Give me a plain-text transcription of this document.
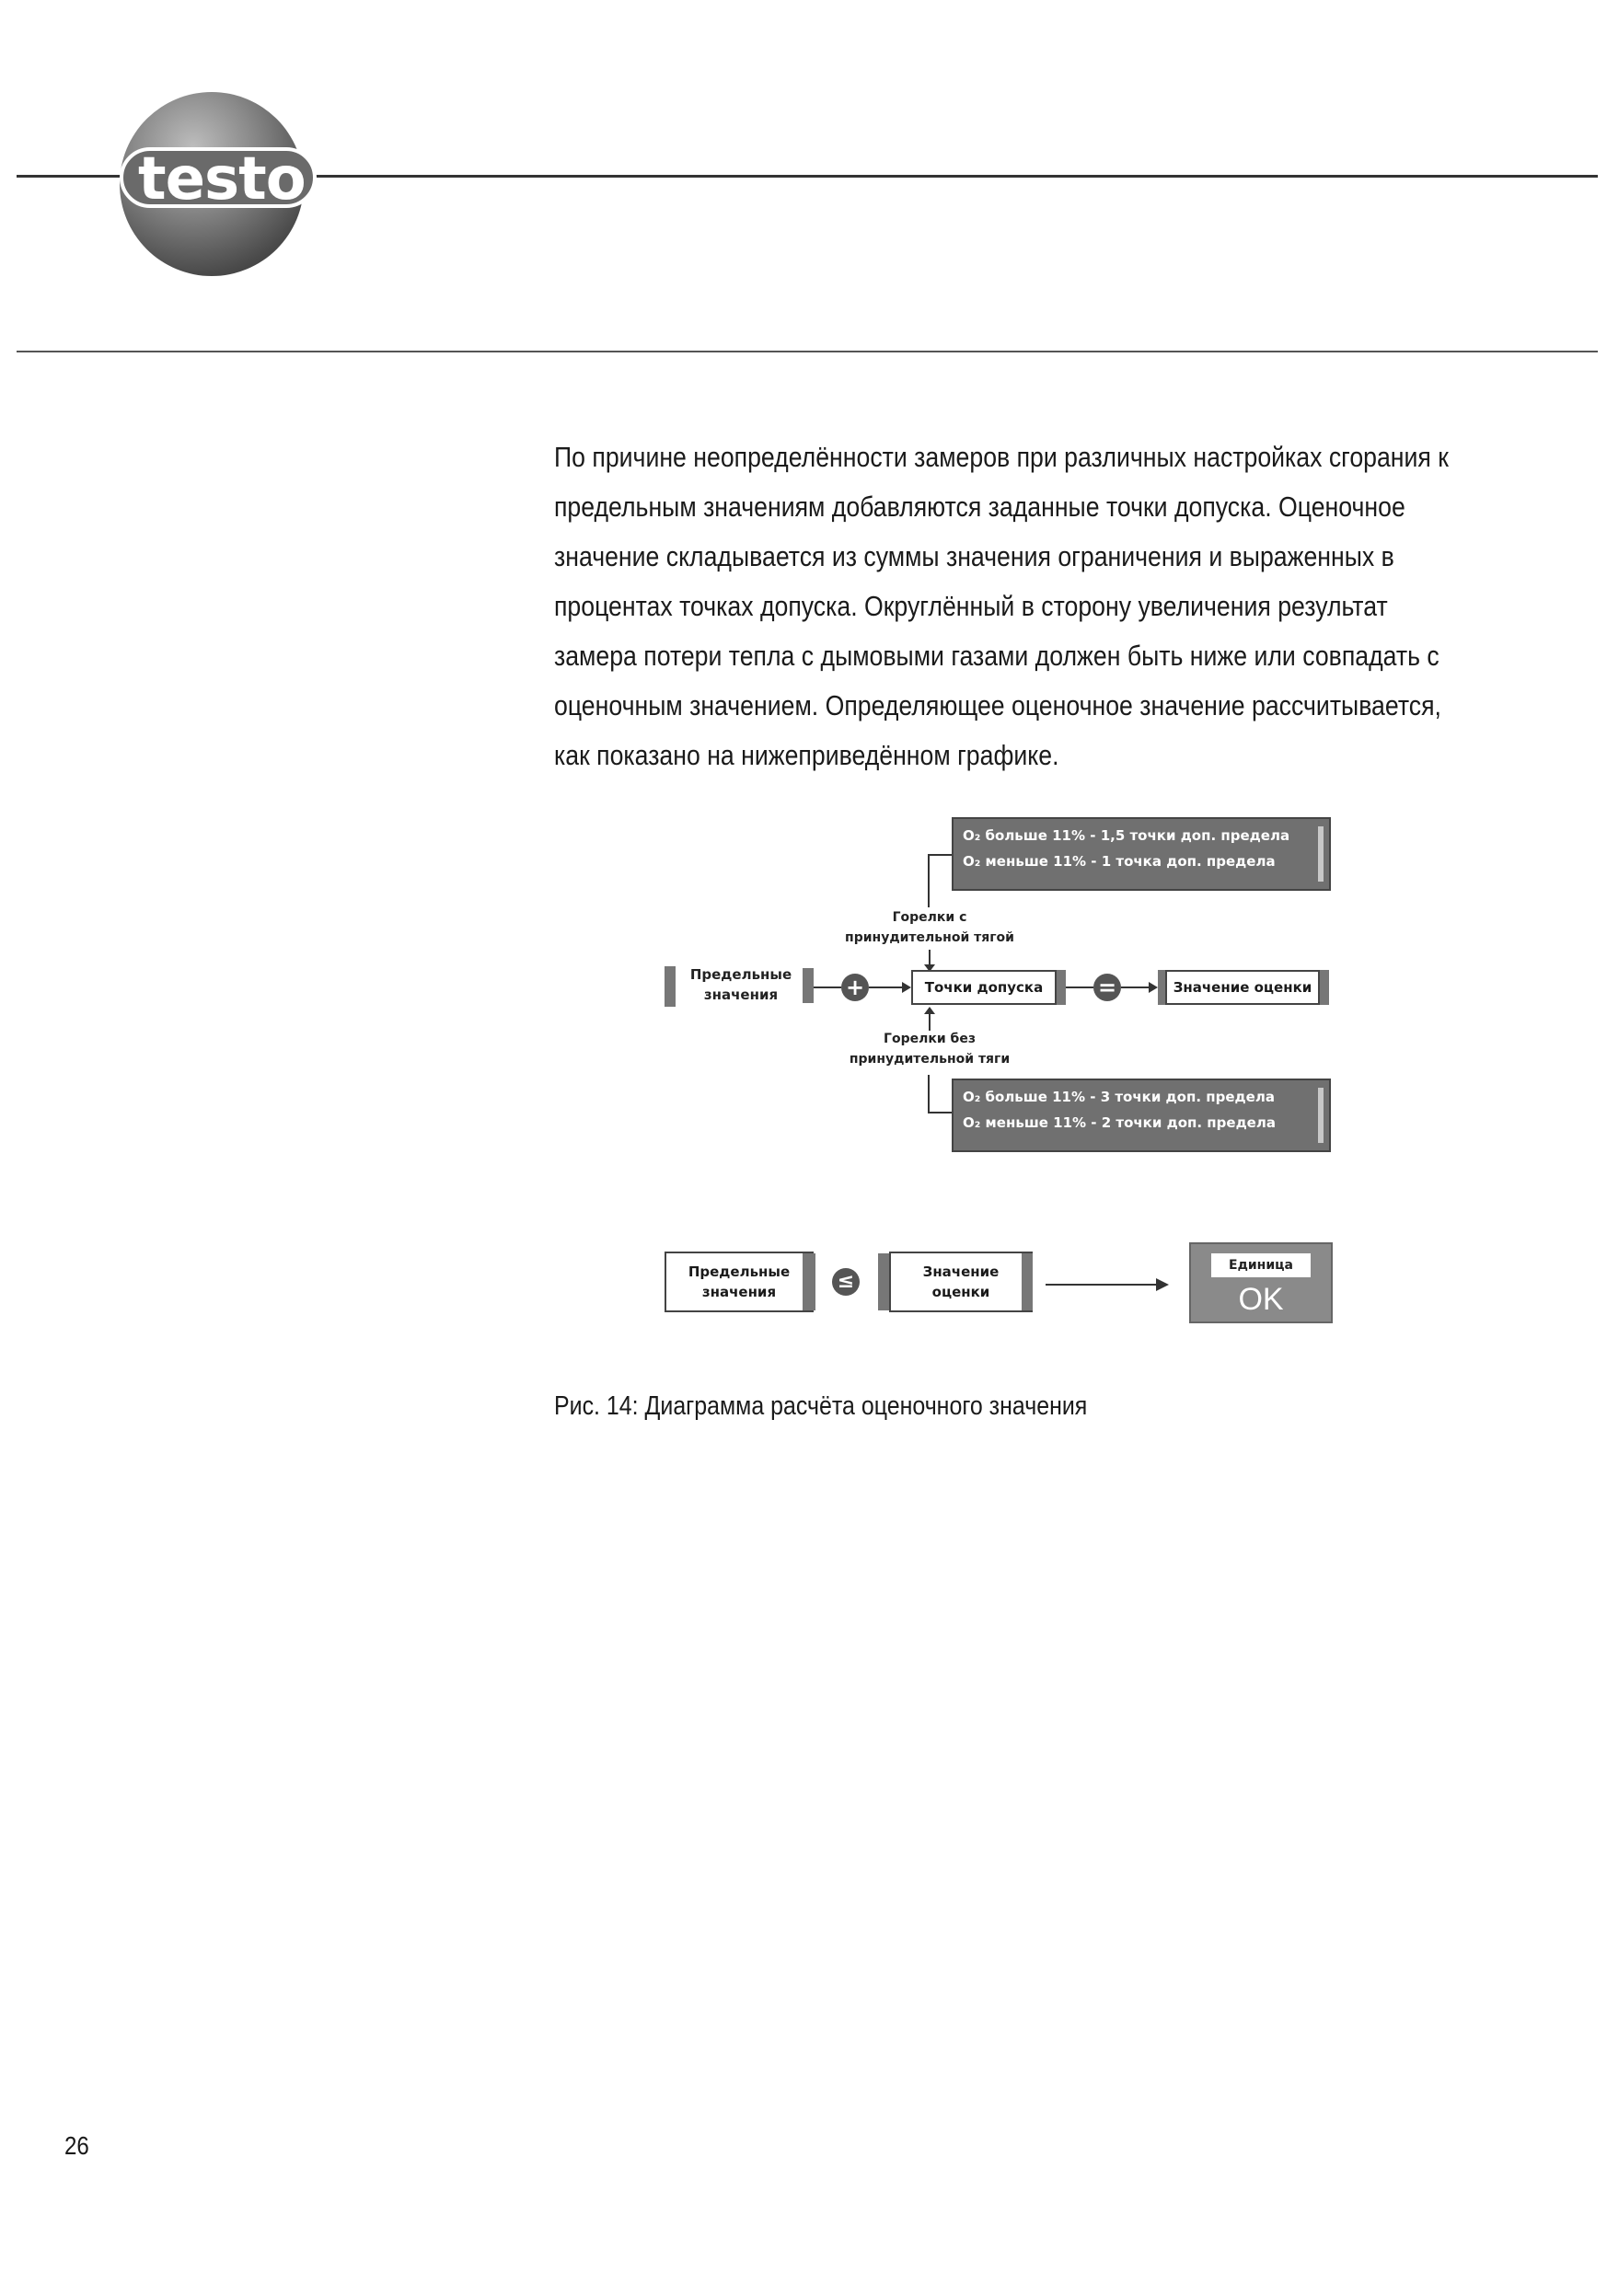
testo

По причине неопределённости замеров при различных настройках сгорания к

предельным значениям добавляются заданные точки допуска. Оценочное

значение складывается из суммы значения ограничения и выраженных в

процентах точках допуска. Округлённый в сторону увеличения результат

замера потери тепла с дымовыми газами должен быть ниже или совпадать с

оценочным значением. Определяющее оценочное значение рассчитывается,

как показано на нижеприведённом графике.

O₂ больше 11% - 1,5 точки доп. предела
O₂ меньше 11% - 1 точка доп. предела
Горелки с
принудительной тягой
Предельные
значения	+	Точки допуска =	Значение оценки
Горелки без
принудительной тяги
O₂ больше 11% - 3 точки доп. предела
O₂ меньше 11% - 2 точки доп. предела
Предельные
значения	≤	Значение
оценки
Единица
OK
Рис. 14: Диаграмма расчёта оценочного значения
26
